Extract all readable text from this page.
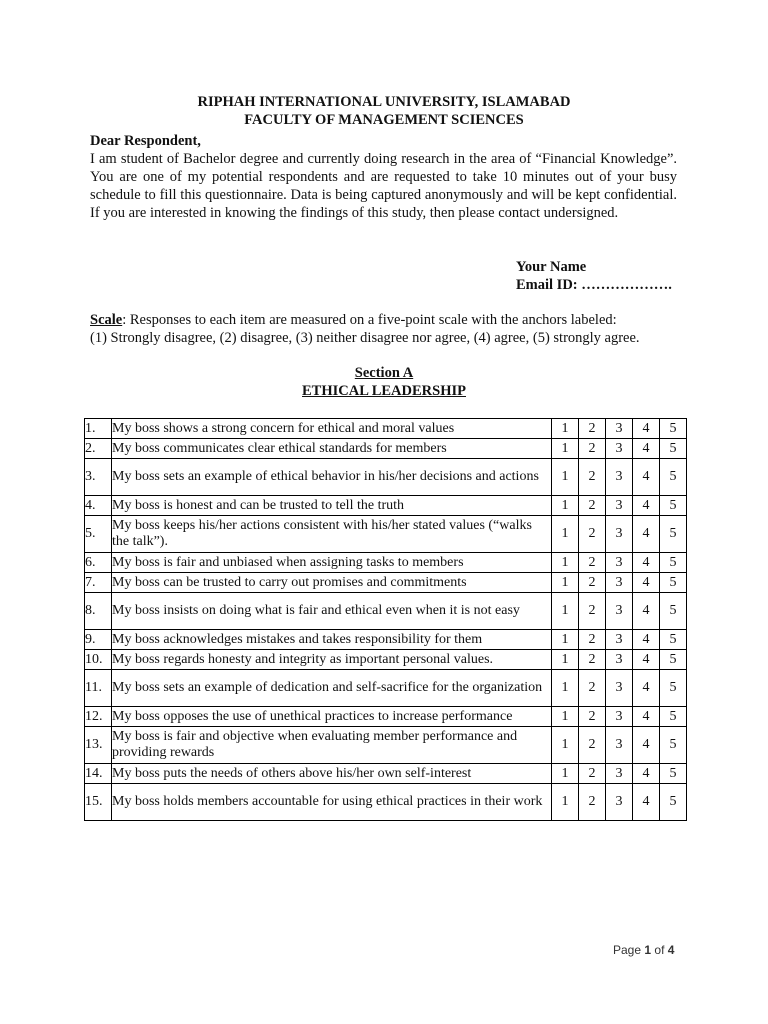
RIPHAH INTERNATIONAL UNIVERSITY, ISLAMABAD
FACULTY OF MANAGEMENT SCIENCES
Dear Respondent,

I am student of Bachelor degree and currently doing research in the area of “Financial Knowledge”. You are one of my potential respondents and are requested to take 10 minutes out of your busy schedule to fill this questionnaire. Data is being captured anonymously and will be kept confidential. If you are interested in knowing the findings of this study, then please contact undersigned.

Your Name
Email ID: ……………….
Scale: Responses to each item are measured on a five-point scale with the anchors labeled:
(1) Strongly disagree, (2) disagree, (3) neither disagree nor agree, (4) agree, (5) strongly agree.
Section A
ETHICAL LEADERSHIP
1.	My boss shows a strong concern for ethical and moral values	1	2	3	4	5
2.	My boss communicates clear ethical standards for members	1	2	3	4	5
3.	My boss sets an example of ethical behavior in his/her decisions and actions	1	2	3	4	5
4.	My boss is honest and can be trusted to tell the truth	1	2	3	4	5
5.	My boss keeps his/her actions consistent with his/her stated values (“walks the talk”).	1	2	3	4	5
6.	My boss is fair and unbiased when assigning tasks to members	1	2	3	4	5
7.	My boss can be trusted to carry out promises and commitments	1	2	3	4	5
8.	My boss insists on doing what is fair and ethical even when it is not easy	1	2	3	4	5
9.	My boss acknowledges mistakes and takes responsibility for them	1	2	3	4	5
10.	My boss regards honesty and integrity as important personal values.	1	2	3	4	5
11.	My boss sets an example of dedication and self-sacrifice for the organization	1	2	3	4	5
12.	My boss opposes the use of unethical practices to increase performance	1	2	3	4	5
13.	My boss is fair and objective when evaluating member performance and providing rewards	1	2	3	4	5
14.	My boss puts the needs of others above his/her own self-interest	1	2	3	4	5
15.	My boss holds members accountable for using ethical practices in their work	1	2	3	4	5
Page 1 of 4
